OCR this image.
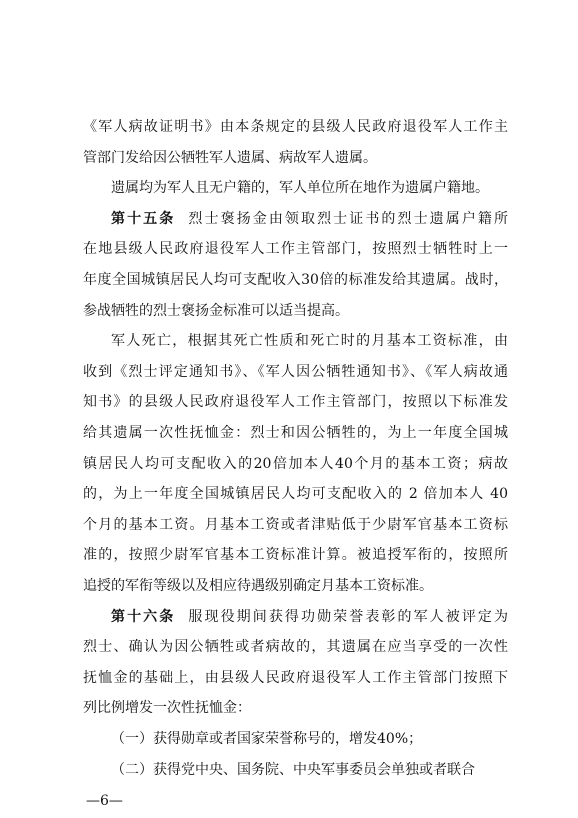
《军人病故证明书》由本条规定的县级人民政府退役军人工作主
管部门发给因公牺牲军人遗属、病故军人遗属。
遗属均为军人且无户籍的，军人单位所在地作为遗属户籍地。
第十五条 烈士褒扬金由领取烈士证书的烈士遗属户籍所
在地县级人民政府退役军人工作主管部门，按照烈士牺牲时上一
年度全国城镇居民人均可支配收入30倍的标准发给其遗属。战时，
参战牺牲的烈士褒扬金标准可以适当提高。
军人死亡，根据其死亡性质和死亡时的月基本工资标准，由
收到《烈士评定通知书》、《军人因公牺牲通知书》、《军人病故通
知书》的县级人民政府退役军人工作主管部门，按照以下标准发
给其遗属一次性抚恤金：烈士和因公牺牲的，为上一年度全国城
镇居民人均可支配收入的20倍加本人40个月的基本工资；病故
的，为上一年度全国城镇居民人均可支配收入的 2 倍加本人 40
个月的基本工资。月基本工资或者津贴低于少尉军官基本工资标
准的，按照少尉军官基本工资标准计算。被追授军衔的，按照所
追授的军衔等级以及相应待遇级别确定月基本工资标准。
第十六条 服现役期间获得功勋荣誉表彰的军人被评定为
烈士、确认为因公牺牲或者病故的，其遗属在应当享受的一次性
抚恤金的基础上，由县级人民政府退役军人工作主管部门按照下
列比例增发一次性抚恤金：
—6—
（一）获得勋章或者国家荣誉称号的，增发40%；
（二）获得党中央、国务院、中央军事委员会单独或者联合
